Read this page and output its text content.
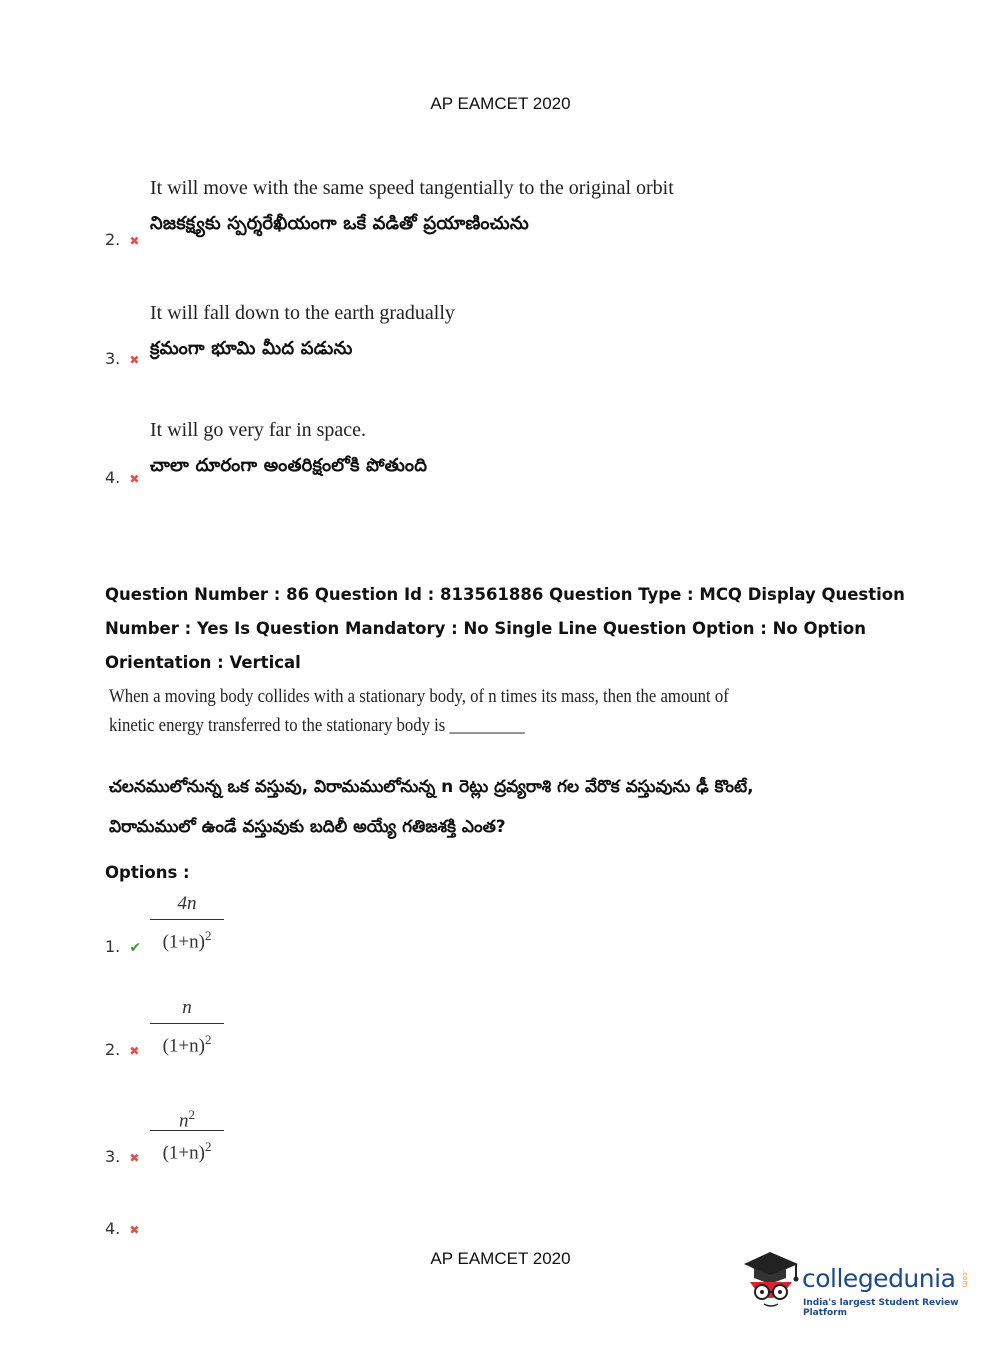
AP EAMCET 2020
It will move with the same speed tangentially to the original orbit
నిజకక్ష్యకు స్పర్శరేఖీయంగా ఒకే వడితో ప్రయాణించును
2. ✖
It will fall down to the earth gradually
క్రమంగా భూమి మీద పడును
3. ✖
It will go very far in space.
చాలా దూరంగా అంతరిక్షంలోకి పోతుంది
4. ✖
Question Number : 86 Question Id : 813561886 Question Type : MCQ Display Question
Number : Yes Is Question Mandatory : No Single Line Question Option : No Option
Orientation : Vertical
When a moving body collides with a stationary body, of n times its mass, then the amount of
kinetic energy transferred to the stationary body is _________
చలనములోనున్న ఒక వస్తువు, విరామములోనున్న n రెట్లు ద్రవ్యరాశి గల వేరొక వస్తువును ఢీ కొంటే,
విరామములో ఉండే వస్తువుకు బదిలీ అయ్యే గతిజశక్తి ఎంత?
Options :
4n
$(1+n)^2$
1. ✔
n
$(1+n)^2$
2. ✖
$n^2$
$(1+n)^2$
3. ✖
4. ✖
AP EAMCET 2020
collegedunia .com
India's largest Student Review Platform
